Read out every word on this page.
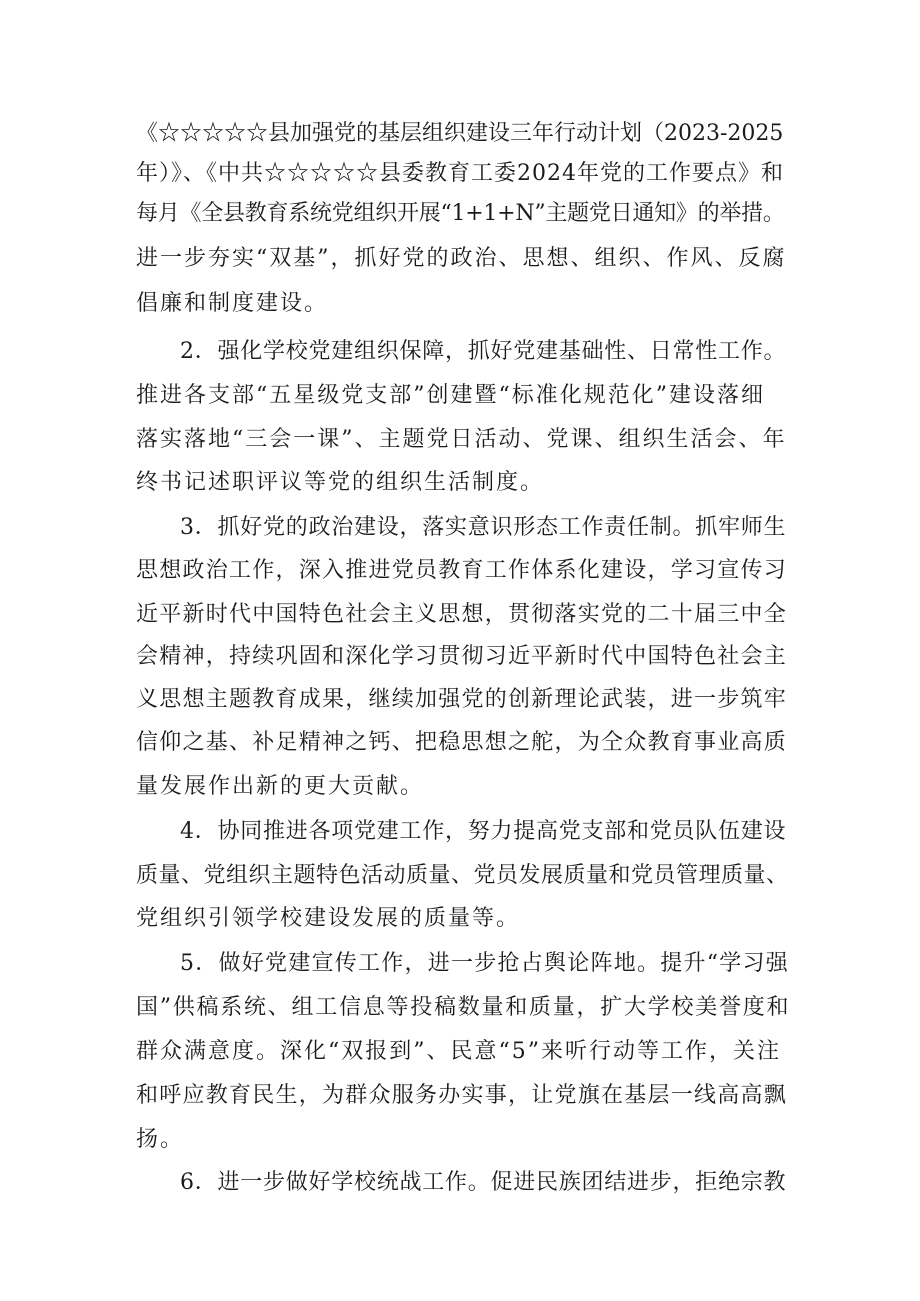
《☆☆☆☆☆县加强党的基层组织建设三年行动计划（2023-2025
年）》、《中共☆☆☆☆☆县委教育工委2024年党的工作要点》和
每月《全县教育系统党组织开展“1+1+N”主题党日通知》的举措。
进一步夯实“双基”，抓好党的政治、思想、组织、作风、反腐
倡廉和制度建设。
2．强化学校党建组织保障，抓好党建基础性、日常性工作。
推进各支部“五星级党支部”创建暨“标准化规范化”建设落细
落实落地“三会一课”、主题党日活动、党课、组织生活会、年
终书记述职评议等党的组织生活制度。
3．抓好党的政治建设，落实意识形态工作责任制。抓牢师生
思想政治工作，深入推进党员教育工作体系化建设，学习宣传习
近平新时代中国特色社会主义思想，贯彻落实党的二十届三中全
会精神，持续巩固和深化学习贯彻习近平新时代中国特色社会主
义思想主题教育成果，继续加强党的创新理论武装，进一步筑牢
信仰之基、补足精神之钙、把稳思想之舵，为仝众教育事业高质
量发展作出新的更大贡献。
4．协同推进各项党建工作，努力提高党支部和党员队伍建设
质量、党组织主题特色活动质量、党员发展质量和党员管理质量、
党组织引领学校建设发展的质量等。
5．做好党建宣传工作，进一步抢占舆论阵地。提升“学习强
国”供稿系统、组工信息等投稿数量和质量，扩大学校美誉度和
群众满意度。深化“双报到”、民意“5”来听行动等工作，关注
和呼应教育民生，为群众服务办实事，让党旗在基层一线高高飘
扬。
6．进一步做好学校统战工作。促进民族团结进步，拒绝宗教
